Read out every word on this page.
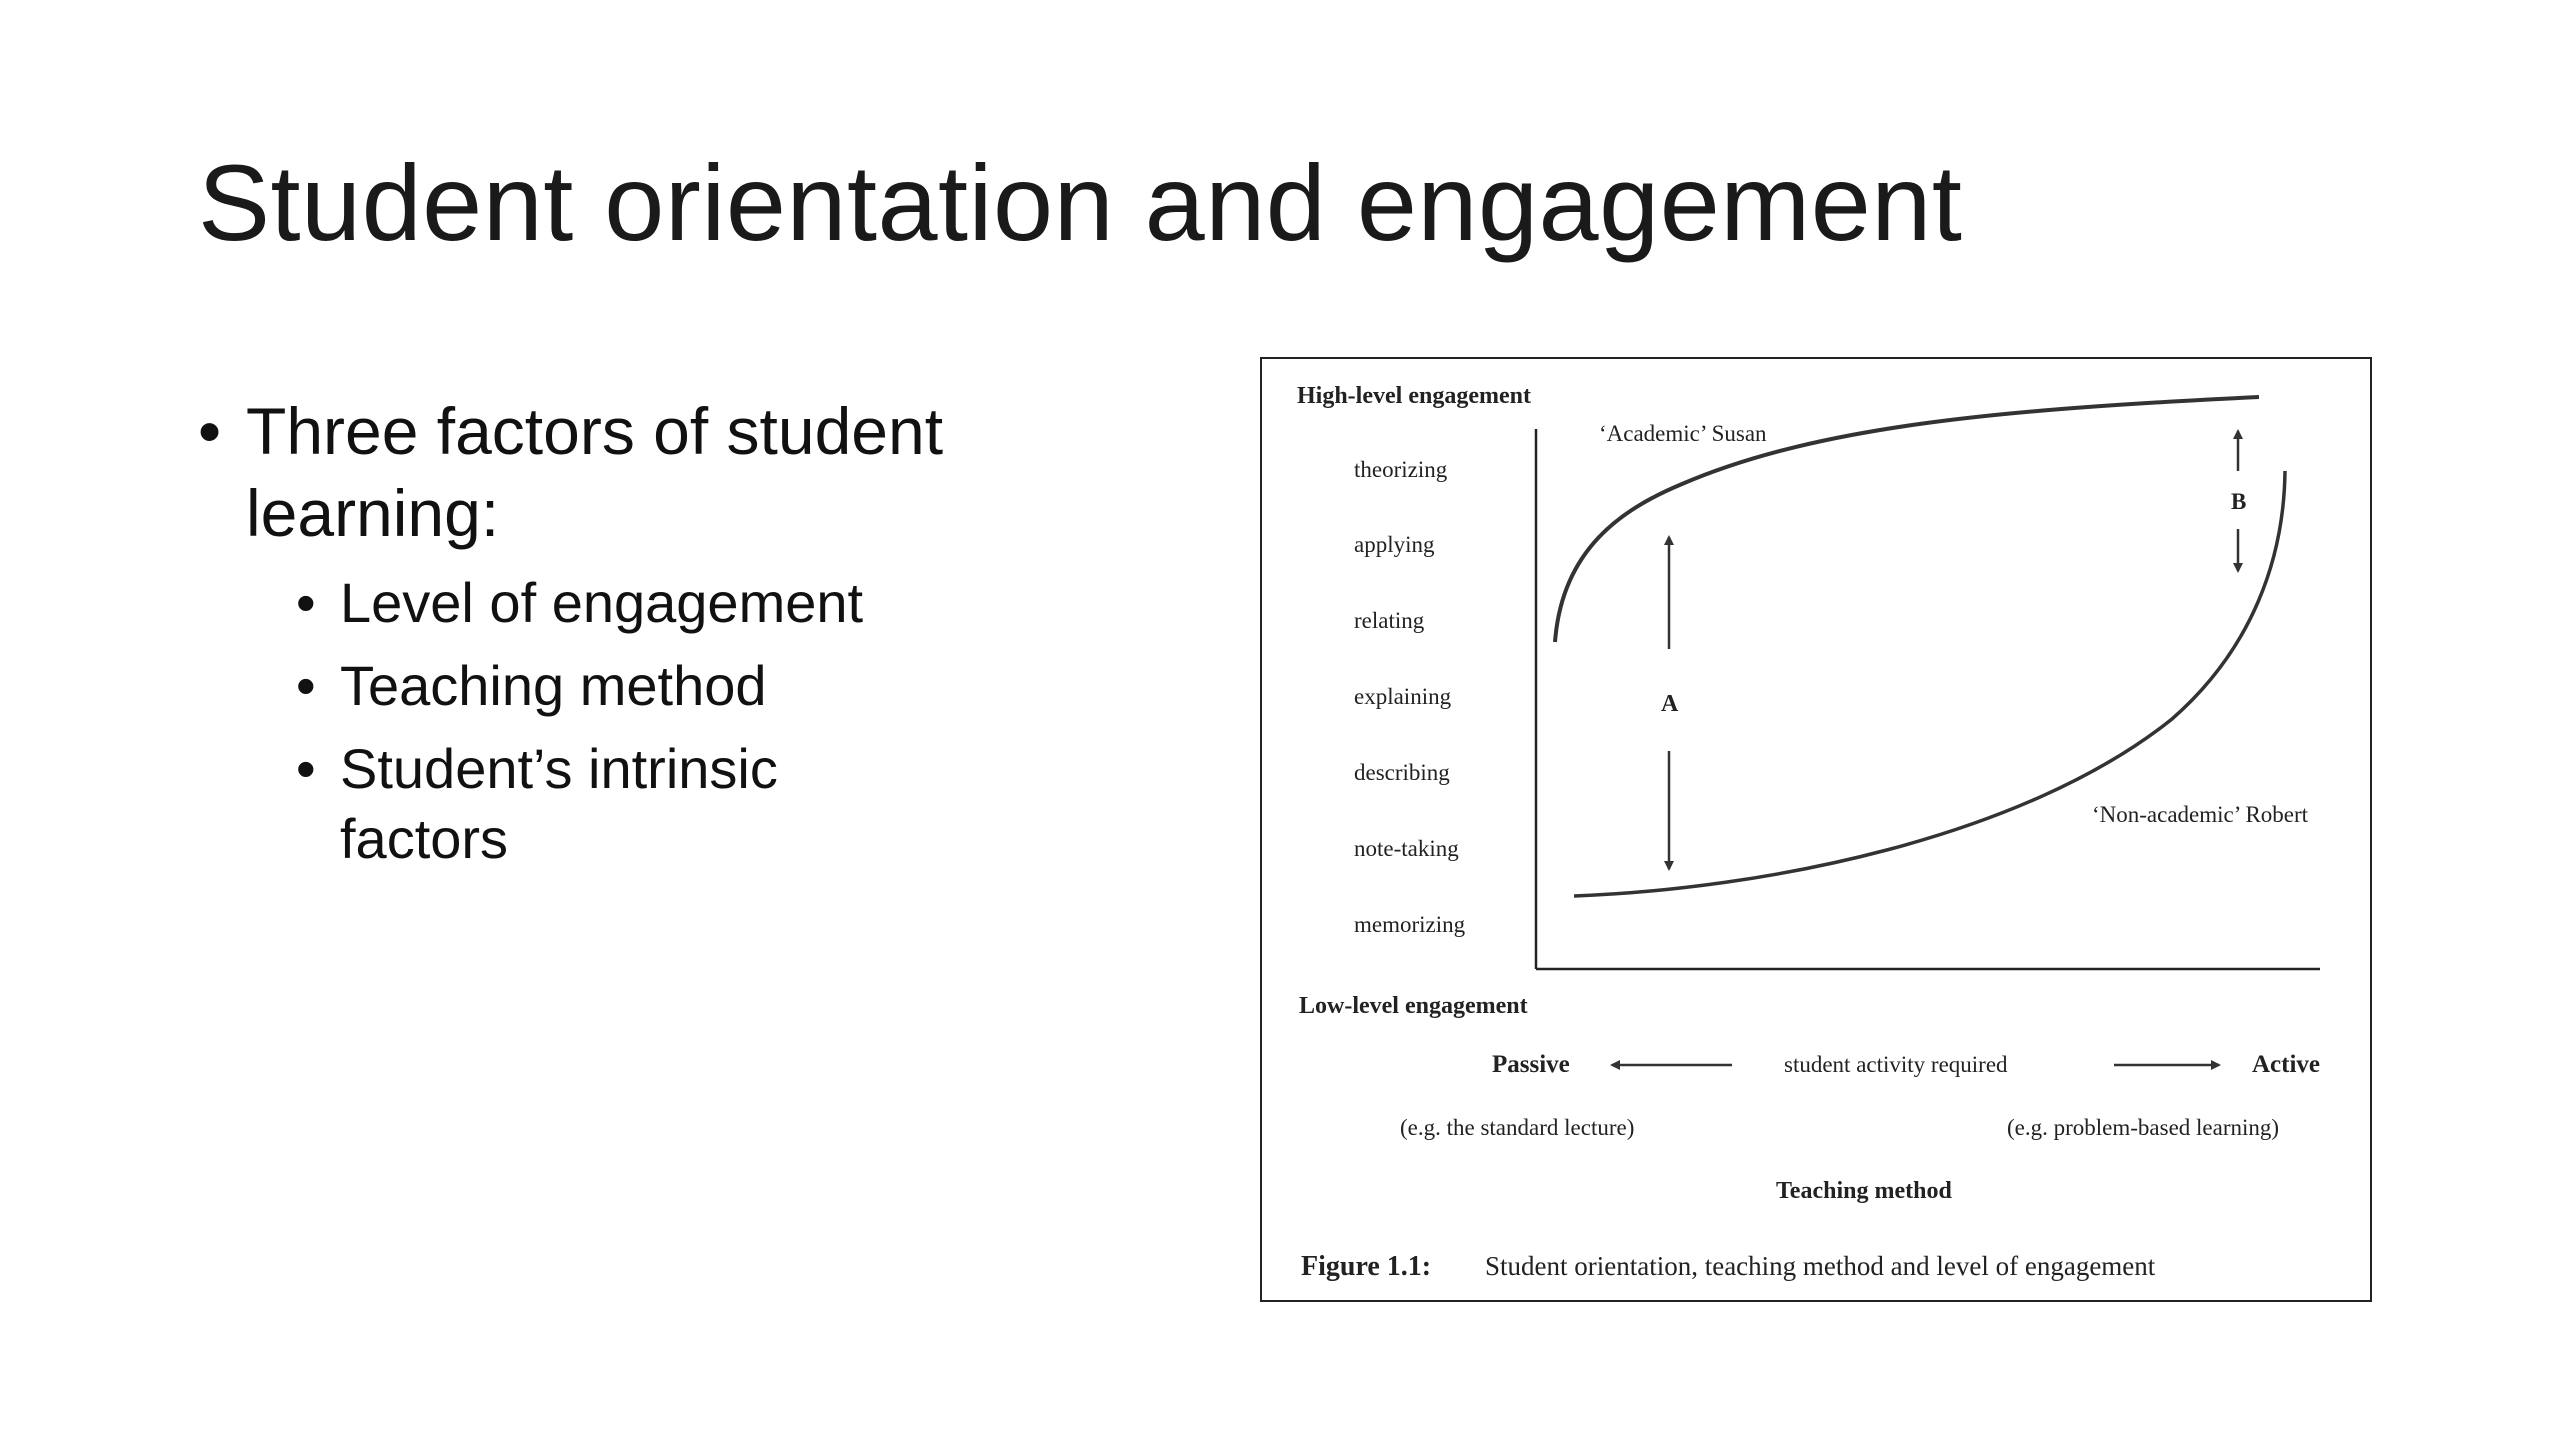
Student orientation and engagement
• Three factors of student learning:
• Level of engagement
• Teaching method
• Student’s intrinsic factors
High-level engagement
Low-level engagement
theorizing
applying
relating
explaining
describing
note-taking
memorizing
‘Academic’ Susan
‘Non-academic’ Robert
A
B
Passive	student activity required	Active
(e.g. the standard lecture)	(e.g. problem-based learning)
Teaching method
Figure 1.1: Student orientation, teaching method and level of engagement
